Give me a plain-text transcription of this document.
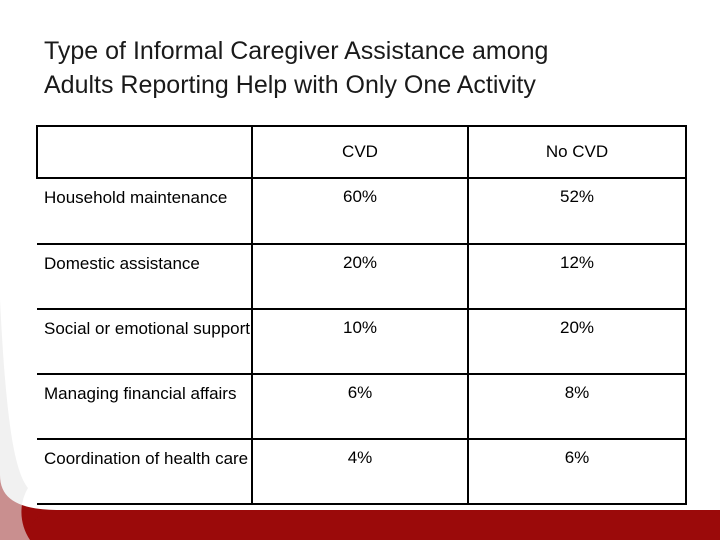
Type of Informal Caregiver Assistance among
Adults Reporting Help with Only One Activity
	CVD	No CVD
Household maintenance	60%	52%
Domestic assistance	20%	12%
Social or emotional support	10%	20%
Managing financial affairs	6%	8%
Coordination of health care	4%	6%
